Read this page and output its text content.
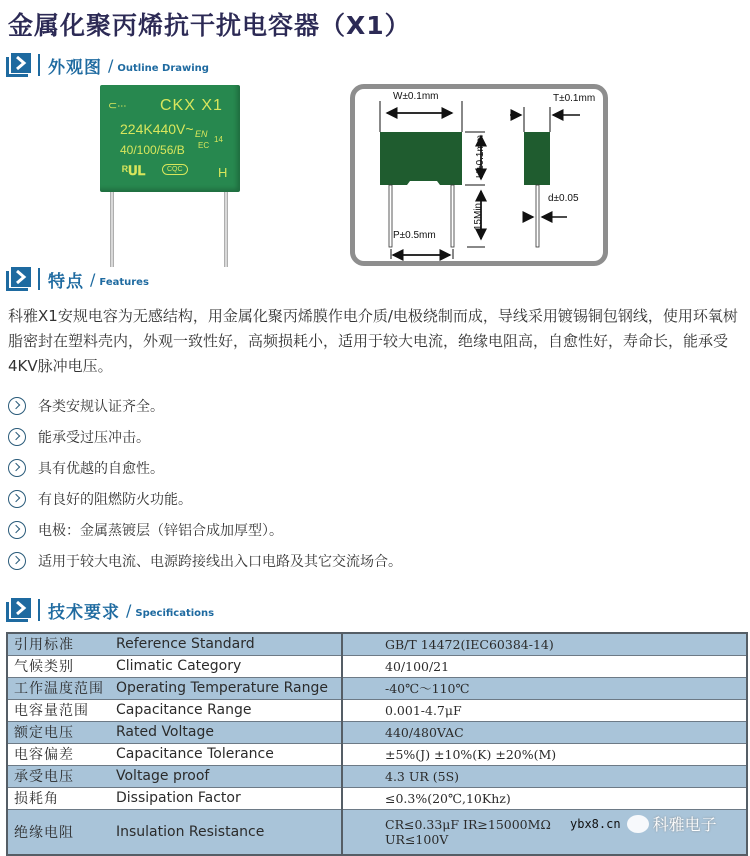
金属化聚丙烯抗干扰电容器（X1）
外观图 / Outline Drawing
⊂∙∙∙ CKX X1
224K440V~ EN
EC
14
40/100/56/B
ᴿ𝐔𝐋	CQC	H
W±0.1mm	T±0.1mm
H±0.1mm
15Min
P±0.5mm
d±0.05
特点 / Features

科雅X1安规电容为无感结构，用金属化聚丙烯膜作电介质/电极绕制而成，导线采用镀锡铜包钢线，使用环氧树脂密封在塑料壳内，外观一致性好，高频损耗小，适用于较大电流，绝缘电阻高，自愈性好，寿命长，能承受4KV脉冲电压。

各类安规认证齐全。
能承受过压冲击。
具有优越的自愈性。
有良好的阻燃防火功能。
电极：金属蒸镀层（锌铝合成加厚型）。
适用于较大电流、电源跨接线出入口电路及其它交流场合。
技术要求 / Specifications
引用标准	Reference Standard	GB/T 14472(IEC60384-14)
气候类别	Climatic Category	40/100/21
工作温度范围	Operating Temperature Range	-40℃～110℃
电容量范围	Capacitance Range	0.001-4.7μF
额定电压	Rated Voltage	440/480VAC
电容偏差	Capacitance Tolerance	±5%(J) ±10%(K) ±20%(M)
承受电压	Voltage proof	4.3 UR (5S)
损耗角	Dissipation Factor	≤0.3%(20℃,10Khz)
绝缘电阻	Insulation Resistance	CR≤0.33μF IR≥15000MΩ
UR≤100V
ybx8.cn 科雅电子
